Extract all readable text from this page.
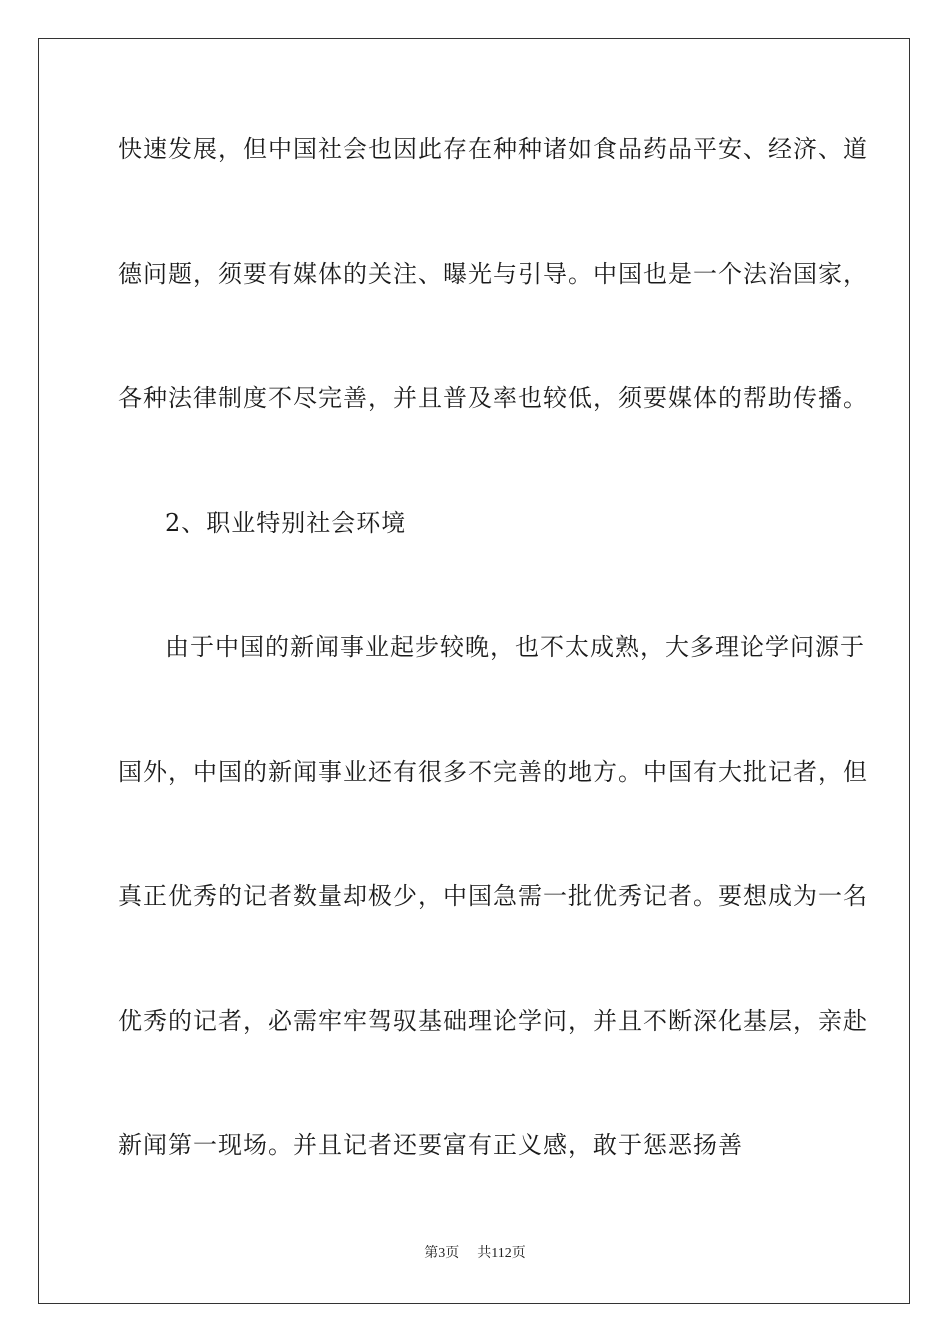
快速发展，但中国社会也因此存在种种诸如食品药品平安、经济、道
德问题，须要有媒体的关注、曝光与引导。中国也是一个法治国家，
各种法律制度不尽完善，并且普及率也较低，须要媒体的帮助传播。
2、职业特别社会环境
由于中国的新闻事业起步较晚，也不太成熟，大多理论学问源于
国外，中国的新闻事业还有很多不完善的地方。中国有大批记者，但
真正优秀的记者数量却极少，中国急需一批优秀记者。要想成为一名
优秀的记者，必需牢牢驾驭基础理论学问，并且不断深化基层，亲赴
新闻第一现场。并且记者还要富有正义感，敢于惩恶扬善
第3页 共112页
